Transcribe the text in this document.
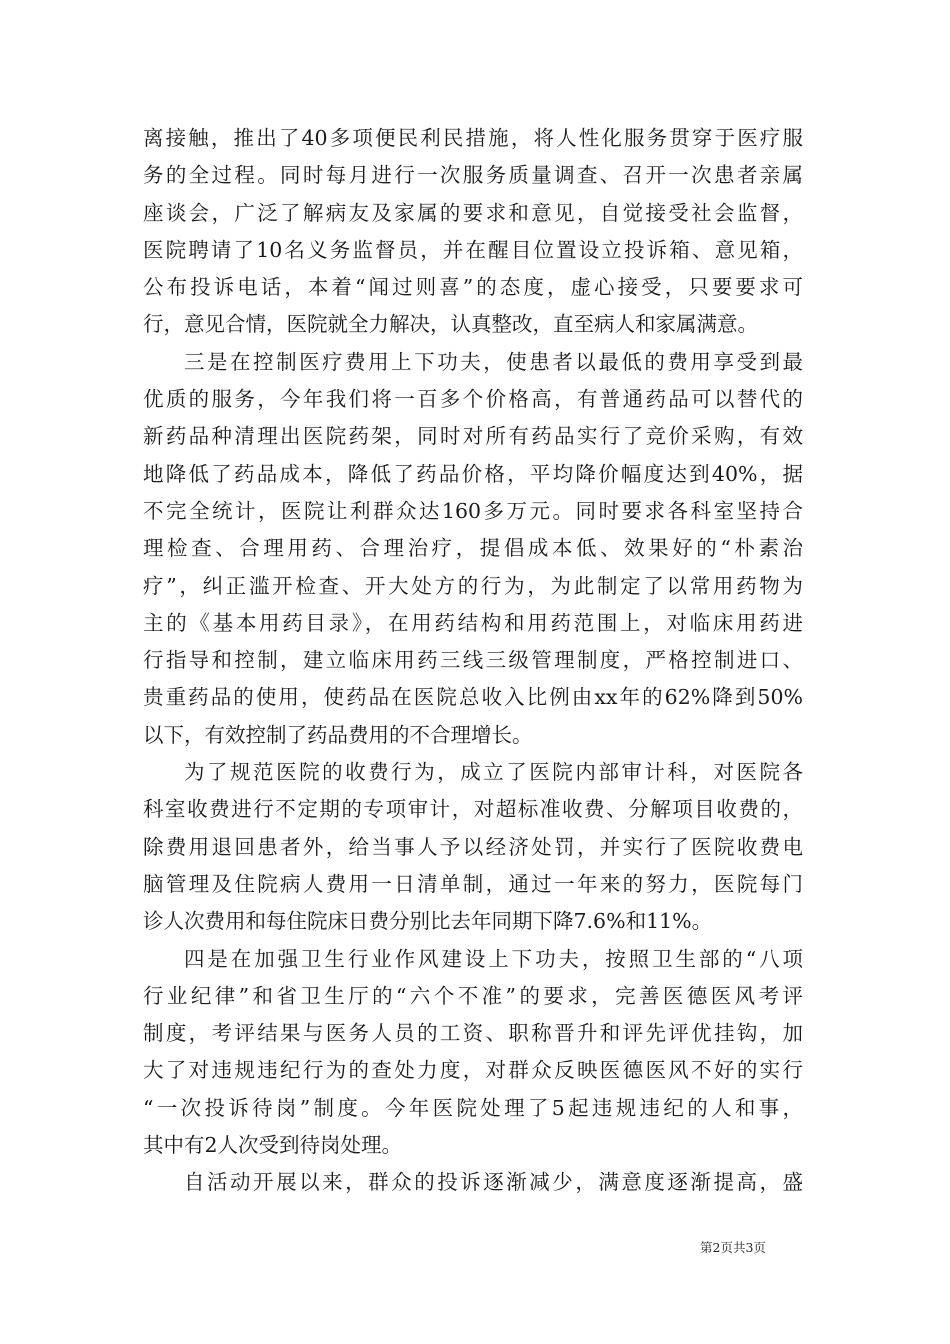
离接触，推出了40多项便民利民措施，将人性化服务贯穿于医疗服
务的全过程。同时每月进行一次服务质量调查、召开一次患者亲属
座谈会，广泛了解病友及家属的要求和意见，自觉接受社会监督，
医院聘请了10名义务监督员，并在醒目位置设立投诉箱、意见箱，
公布投诉电话，本着“闻过则喜”的态度，虚心接受，只要要求可
行，意见合情，医院就全力解决，认真整改，直至病人和家属满意。
三是在控制医疗费用上下功夫，使患者以最低的费用享受到最
优质的服务，今年我们将一百多个价格高，有普通药品可以替代的
新药品种清理出医院药架，同时对所有药品实行了竞价采购，有效
地降低了药品成本，降低了药品价格，平均降价幅度达到40%，据
不完全统计，医院让利群众达160多万元。同时要求各科室坚持合
理检查、合理用药、合理治疗，提倡成本低、效果好的“朴素治
疗”，纠正滥开检查、开大处方的行为，为此制定了以常用药物为
主的《基本用药目录》，在用药结构和用药范围上，对临床用药进
行指导和控制，建立临床用药三线三级管理制度，严格控制进口、
贵重药品的使用，使药品在医院总收入比例由xx年的62%降到50%
以下，有效控制了药品费用的不合理增长。
为了规范医院的收费行为，成立了医院内部审计科，对医院各
科室收费进行不定期的专项审计，对超标准收费、分解项目收费的，
除费用退回患者外，给当事人予以经济处罚，并实行了医院收费电
脑管理及住院病人费用一日清单制，通过一年来的努力，医院每门
诊人次费用和每住院床日费分别比去年同期下降7.6%和11%。
四是在加强卫生行业作风建设上下功夫，按照卫生部的“八项
行业纪律”和省卫生厅的“六个不准”的要求，完善医德医风考评
制度，考评结果与医务人员的工资、职称晋升和评先评优挂钩，加
大了对违规违纪行为的查处力度，对群众反映医德医风不好的实行
“一次投诉待岗”制度。今年医院处理了5起违规违纪的人和事，
其中有2人次受到待岗处理。
自活动开展以来，群众的投诉逐渐减少，满意度逐渐提高，盛
第2页共3页
